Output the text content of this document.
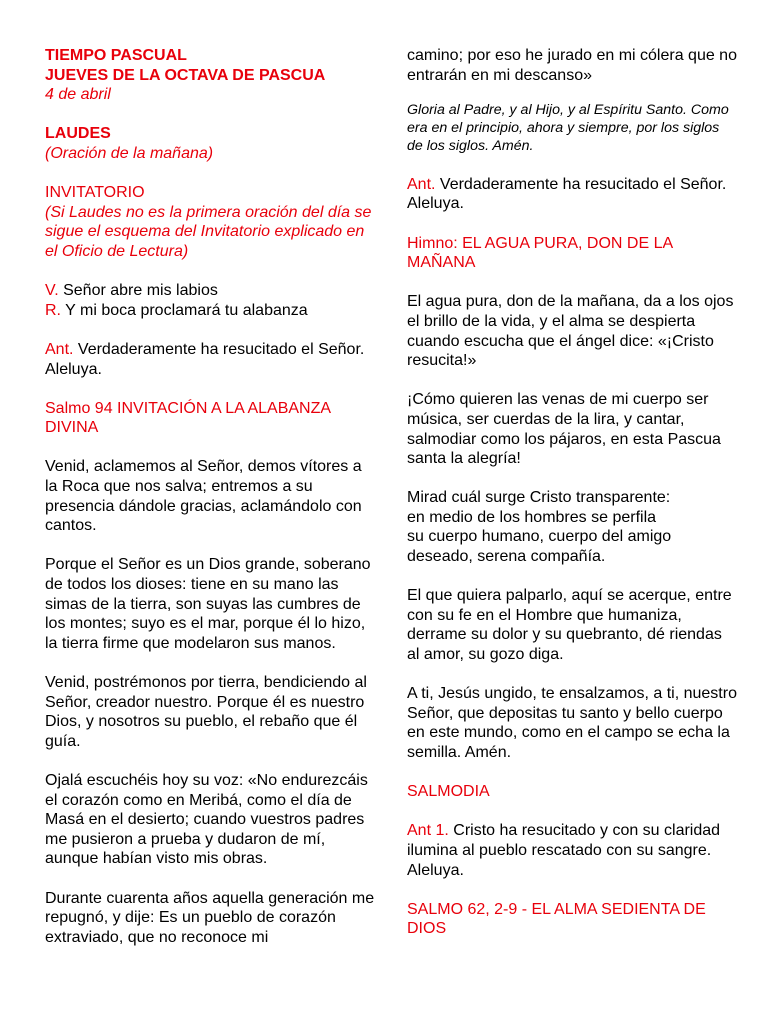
TIEMPO PASCUAL

JUEVES DE LA OCTAVA DE PASCUA

4 de abril

LAUDES

(Oración de la mañana)

INVITATORIO

(Si Laudes no es la primera oración del día se sigue el esquema del Invitatorio explicado en el Oficio de Lectura)

V. Señor abre mis labios

R. Y mi boca proclamará tu alabanza

Ant. Verdaderamente ha resucitado el Señor. Aleluya.

Salmo 94 INVITACIÓN A LA ALABANZA DIVINA

Venid, aclamemos al Señor, demos vítores a la Roca que nos salva; entremos a su presencia dándole gracias, aclamándolo con cantos.

Porque el Señor es un Dios grande, soberano de todos los dioses: tiene en su mano las simas de la tierra, son suyas las cumbres de los montes; suyo es el mar, porque él lo hizo, la tierra firme que modelaron sus manos.

Venid, postrémonos por tierra, bendiciendo al Señor, creador nuestro. Porque él es nuestro Dios, y nosotros su pueblo, el rebaño que él guía.

Ojalá escuchéis hoy su voz: «No endurezcáis el corazón como en Meribá, como el día de Masá en el desierto; cuando vuestros padres me pusieron a prueba y dudaron de mí, aunque habían visto mis obras.

Durante cuarenta años aquella generación me repugnó, y dije: Es un pueblo de corazón extraviado, que no reconoce mi

camino; por eso he jurado en mi cólera que no entrarán en mi descanso»

Gloria al Padre, y al Hijo, y al Espíritu Santo. Como era en el principio, ahora y siempre, por los siglos de los siglos. Amén.

Ant. Verdaderamente ha resucitado el Señor. Aleluya.

Himno: EL AGUA PURA, DON DE LA MAÑANA

El agua pura, don de la mañana, da a los ojos el brillo de la vida, y el alma se despierta cuando escucha que el ángel dice: «¡Cristo resucita!»

¡Cómo quieren las venas de mi cuerpo ser música, ser cuerdas de la lira, y cantar, salmodiar como los pájaros, en esta Pascua santa la alegría!

Mirad cuál surge Cristo transparente:
en medio de los hombres se perfila
su cuerpo humano, cuerpo del amigo
deseado, serena compañía.

El que quiera palparlo, aquí se acerque, entre con su fe en el Hombre que humaniza, derrame su dolor y su quebranto, dé riendas al amor, su gozo diga.

A ti, Jesús ungido, te ensalzamos, a ti, nuestro Señor, que depositas tu santo y bello cuerpo en este mundo, como en el campo se echa la semilla. Amén.

SALMODIA

Ant 1. Cristo ha resucitado y con su claridad ilumina al pueblo rescatado con su sangre. Aleluya.

SALMO 62, 2-9 - EL ALMA SEDIENTA DE DIOS
